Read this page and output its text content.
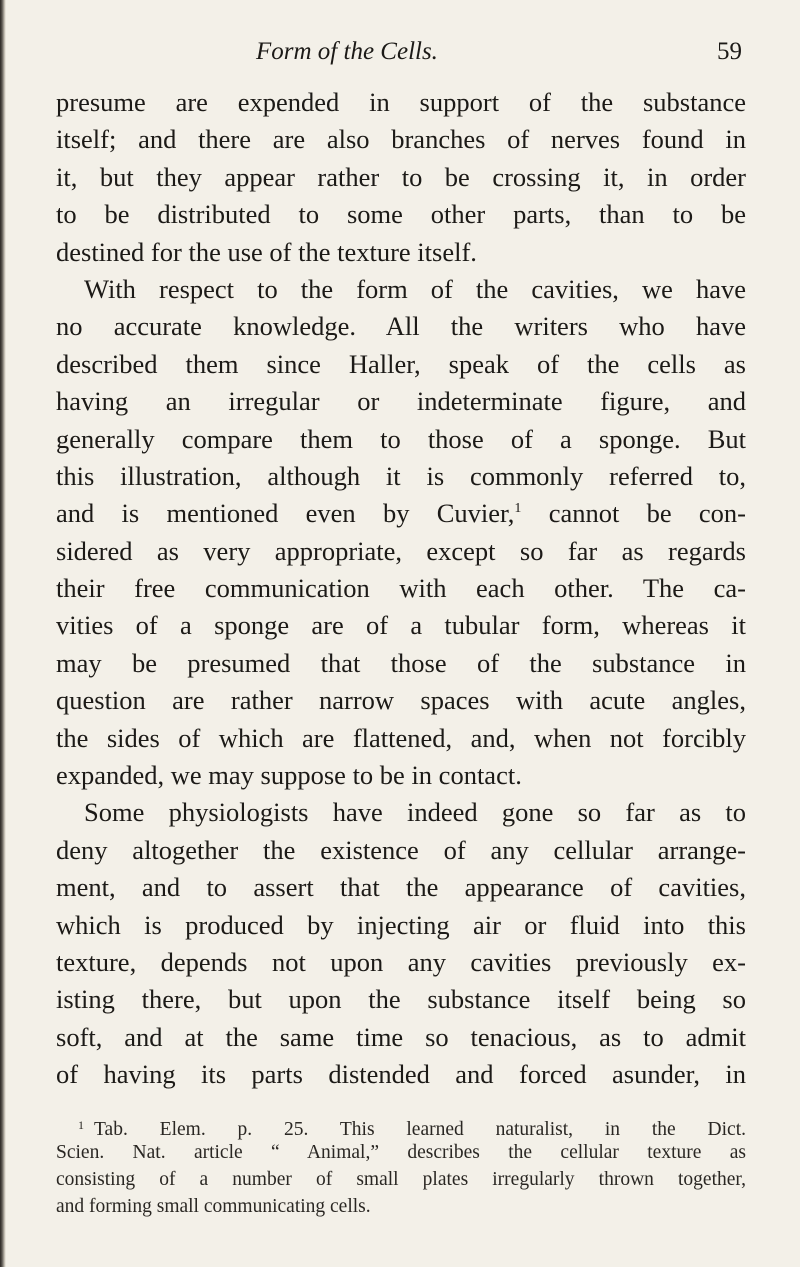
Form of the Cells.	59
presume are expended in support of the substance
itself; and there are also branches of nerves found in
it, but they appear rather to be crossing it, in order
to be distributed to some other parts, than to be
destined for the use of the texture itself.
With respect to the form of the cavities, we have
no accurate knowledge. All the writers who have
described them since Haller, speak of the cells as
having an irregular or indeterminate figure, and
generally compare them to those of a sponge. But
this illustration, although it is commonly referred to,
and is mentioned even by Cuvier,$^1$ cannot be con-
sidered as very appropriate, except so far as regards
their free communication with each other. The ca-
vities of a sponge are of a tubular form, whereas it
may be presumed that those of the substance in
question are rather narrow spaces with acute angles,
the sides of which are flattened, and, when not forcibly
expanded, we may suppose to be in contact.
Some physiologists have indeed gone so far as to
deny altogether the existence of any cellular arrange-
ment, and to assert that the appearance of cavities,
which is produced by injecting air or fluid into this
texture, depends not upon any cavities previously ex-
isting there, but upon the substance itself being so
soft, and at the same time so tenacious, as to admit
of having its parts distended and forced asunder, in
$^1$ Tab. Elem. p. 25. This learned naturalist, in the Dict.
Scien. Nat. article “ Animal,” describes the cellular texture as
consisting of a number of small plates irregularly thrown together,
and forming small communicating cells.
